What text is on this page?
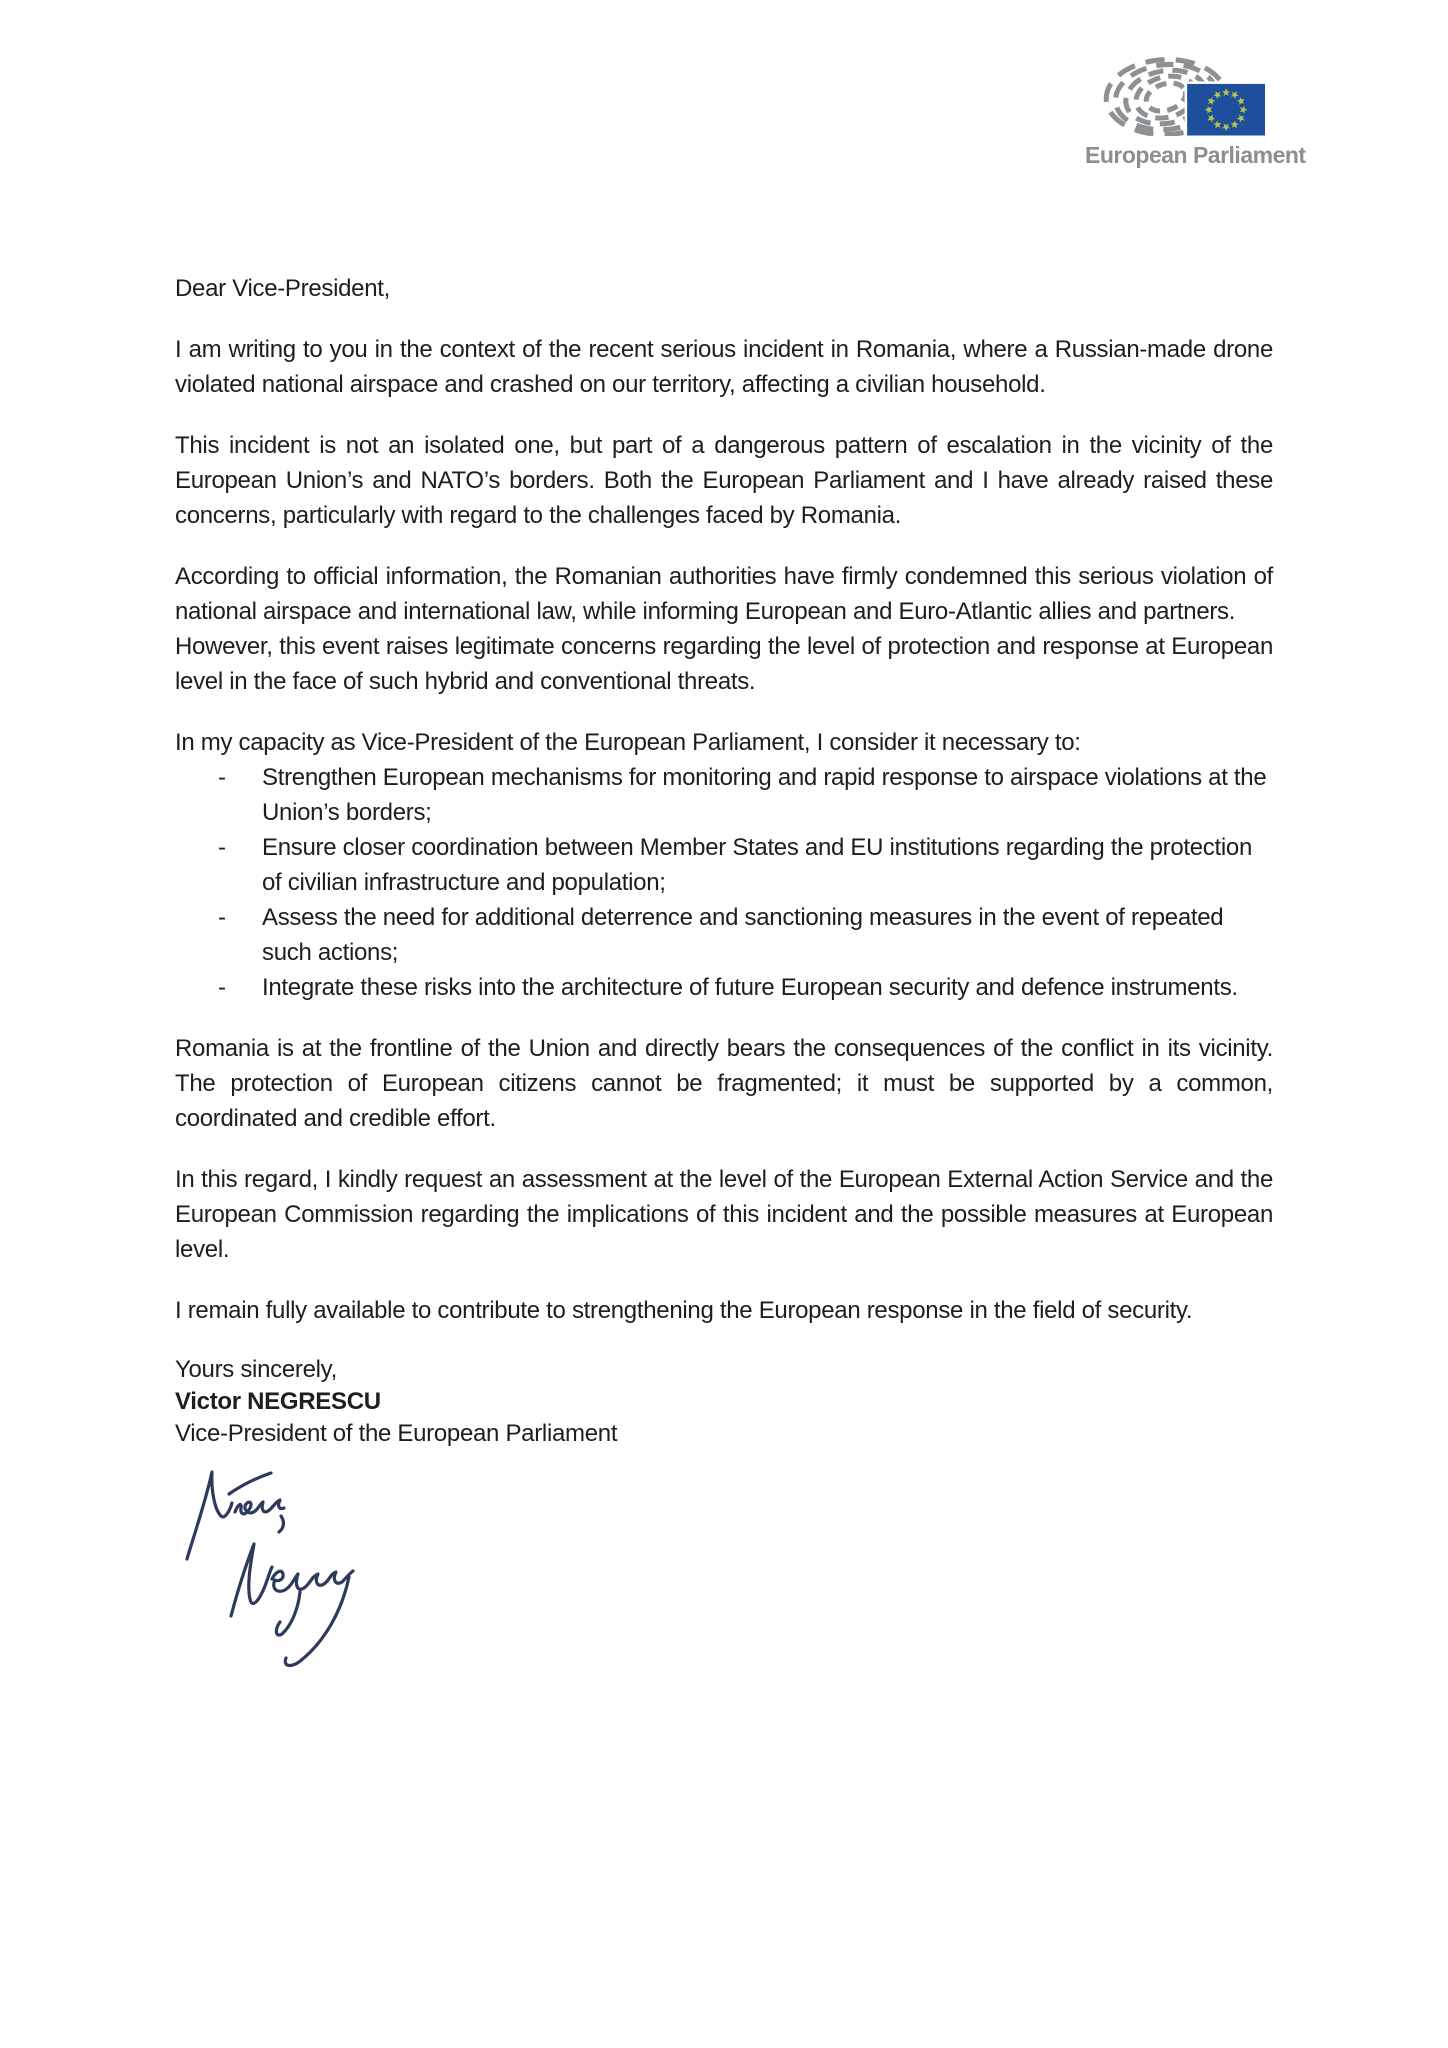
European Parliament

Dear Vice-President,

I am writing to you in the context of the recent serious incident in Romania, where a Russian-made drone violated national airspace and crashed on our territory, affecting a civilian household.

This incident is not an isolated one, but part of a dangerous pattern of escalation in the vicinity of the European Union’s and NATO’s borders. Both the European Parliament and I have already raised these concerns, particularly with regard to the challenges faced by Romania.

According to official information, the Romanian authorities have firmly condemned this serious violation of national airspace and international law, while informing European and Euro-Atlantic allies and partners.

However, this event raises legitimate concerns regarding the level of protection and response at European level in the face of such hybrid and conventional threats.

In my capacity as Vice-President of the European Parliament, I consider it necessary to:

-	Strengthen European mechanisms for monitoring and rapid response to airspace violations at the Union’s borders;
-	Ensure closer coordination between Member States and EU institutions regarding the protection of civilian infrastructure and population;
-	Assess the need for additional deterrence and sanctioning measures in the event of repeated such actions;
-	Integrate these risks into the architecture of future European security and defence instruments.

Romania is at the frontline of the Union and directly bears the consequences of the conflict in its vicinity. The protection of European citizens cannot be fragmented; it must be supported by a common, coordinated and credible effort.

In this regard, I kindly request an assessment at the level of the European External Action Service and the European Commission regarding the implications of this incident and the possible measures at European level.

I remain fully available to contribute to strengthening the European response in the field of security.

Yours sincerely,

Victor NEGRESCU

Vice-President of the European Parliament
